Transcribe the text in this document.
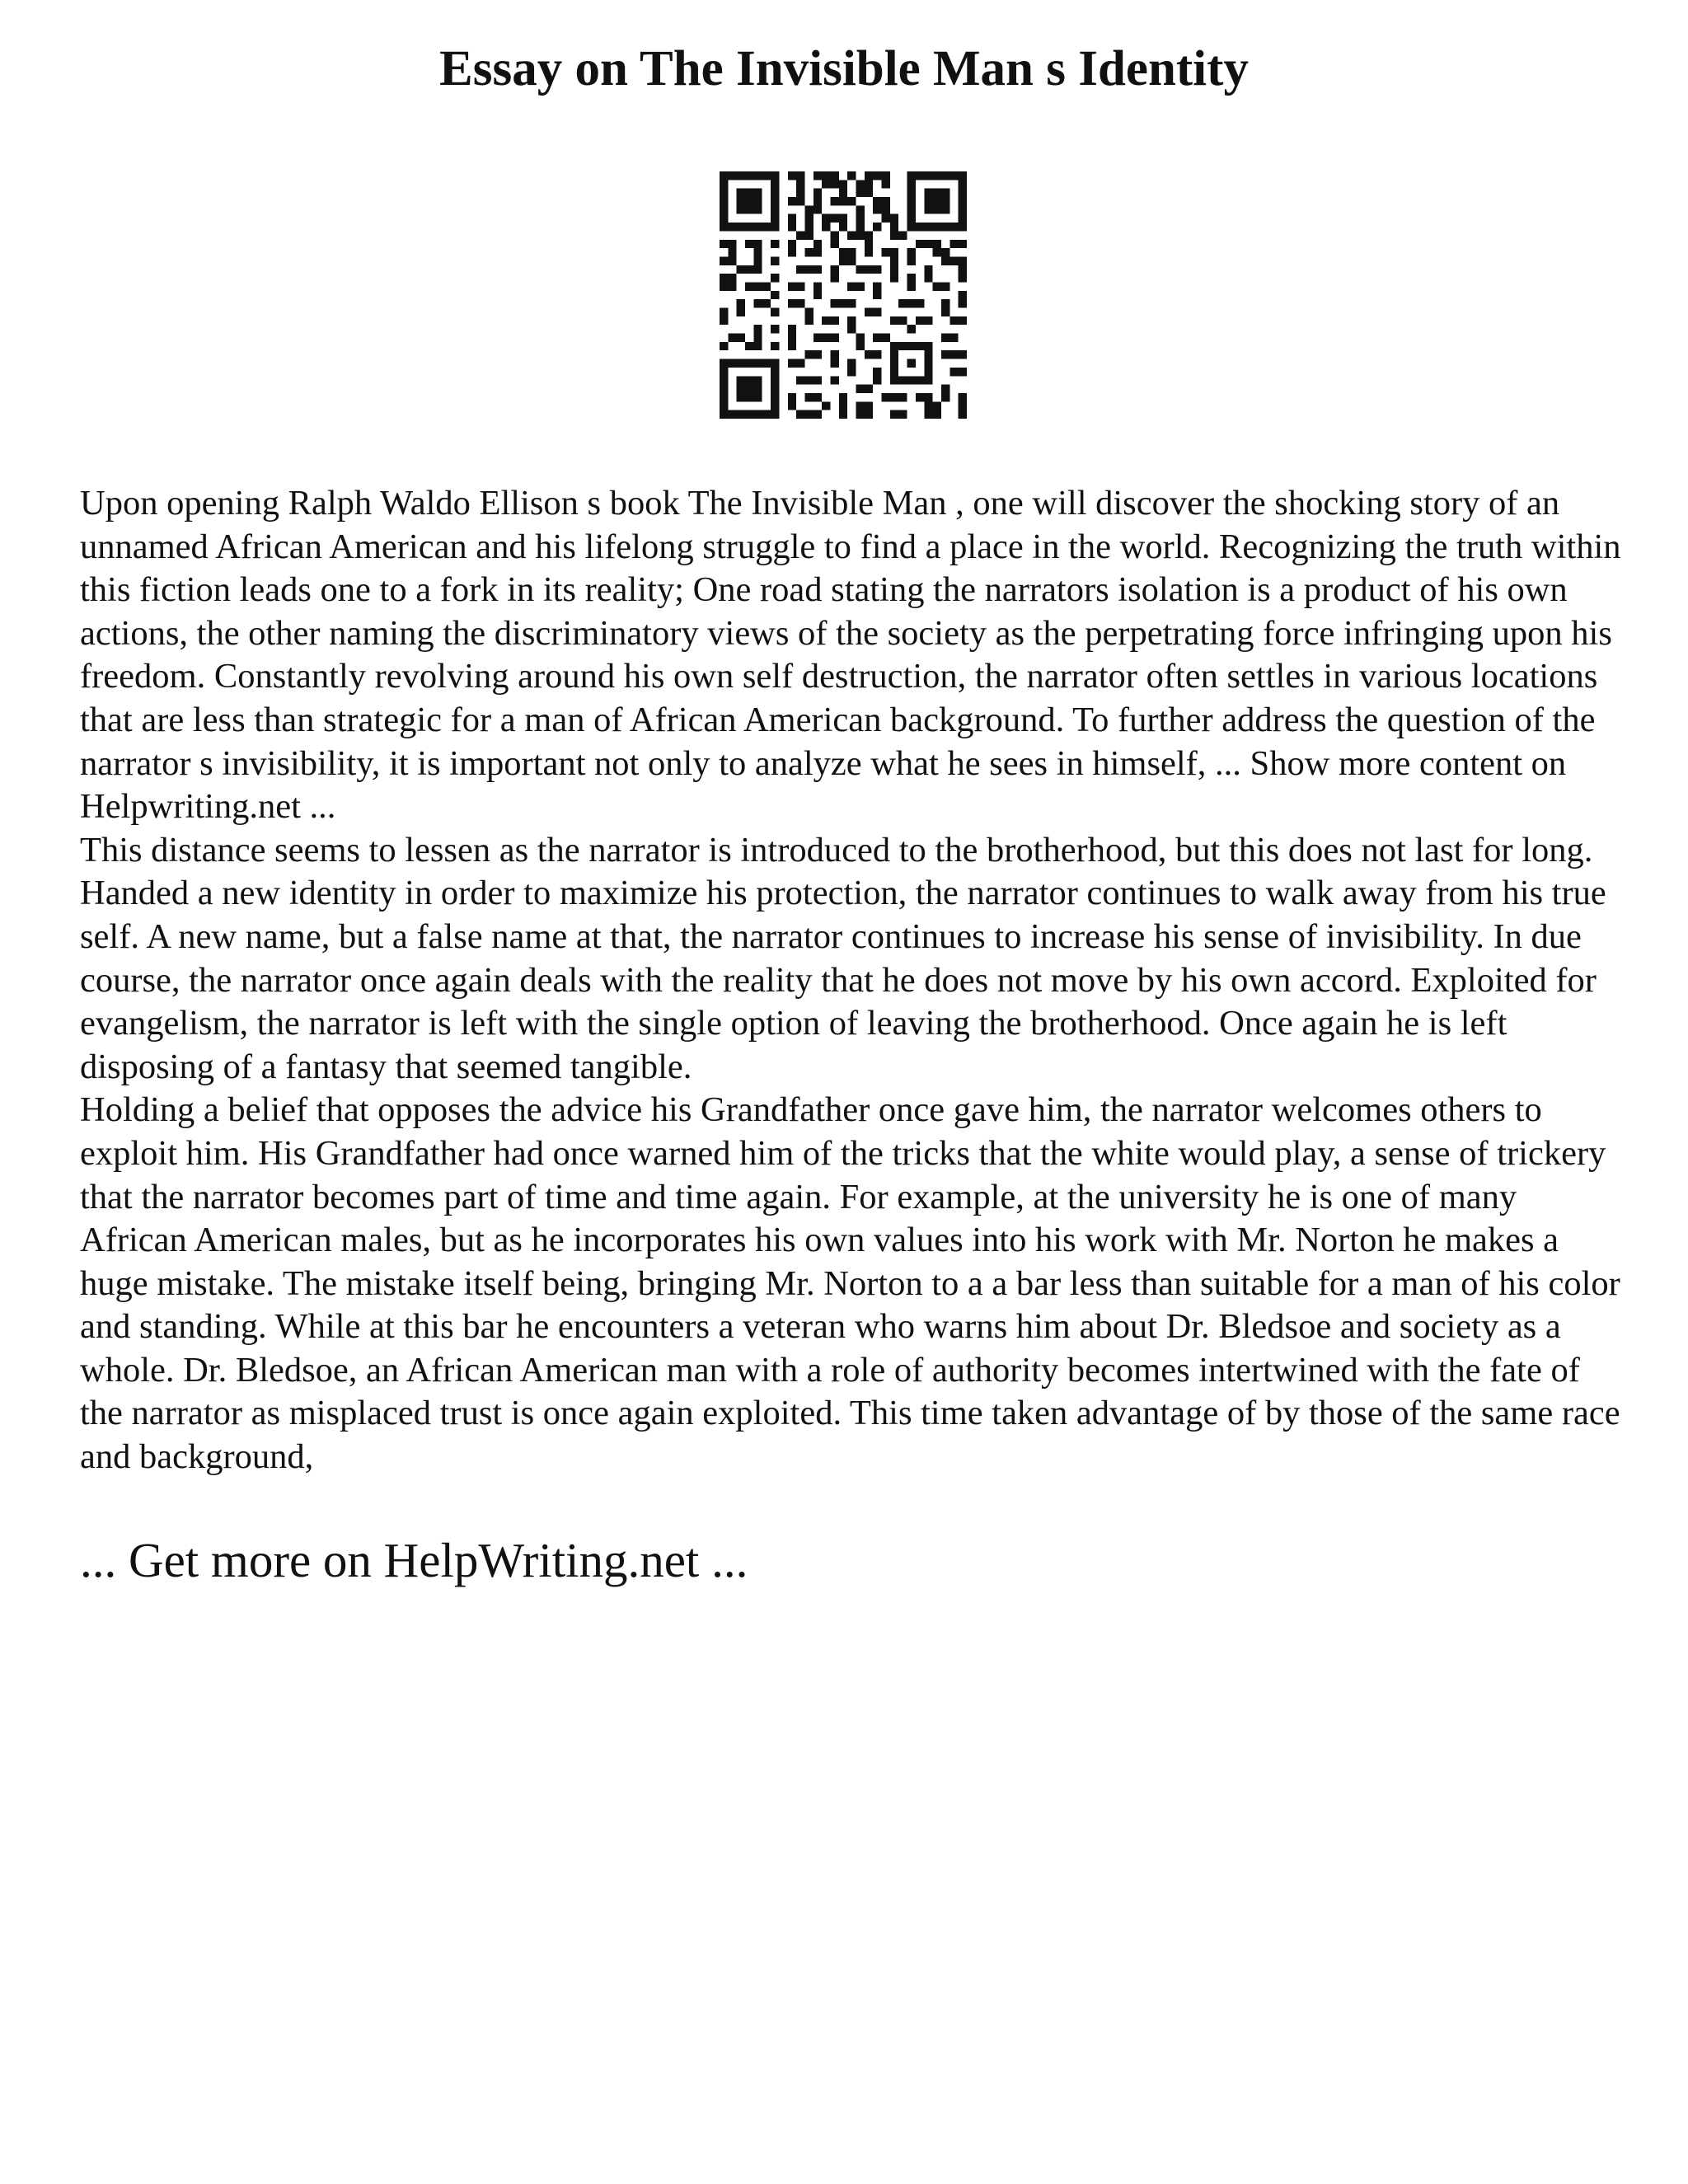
Essay on The Invisible Man s Identity

Upon opening Ralph Waldo Ellison s book The Invisible Man , one will discover the shocking story of an unnamed African American and his lifelong struggle to find a place in the world. Recognizing the truth within this fiction leads one to a fork in its reality; One road stating the narrators isolation is a product of his own actions, the other naming the discriminatory views of the society as the perpetrating force infringing upon his freedom. Constantly revolving around his own self destruction, the narrator often settles in various locations that are less than strategic for a man of African American background. To further address the question of the narrator s invisibility, it is important not only to analyze what he sees in himself, ... Show more content on Helpwriting.net ...

This distance seems to lessen as the narrator is introduced to the brotherhood, but this does not last for long. Handed a new identity in order to maximize his protection, the narrator continues to walk away from his true self. A new name, but a false name at that, the narrator continues to increase his sense of invisibility. In due course, the narrator once again deals with the reality that he does not move by his own accord. Exploited for evangelism, the narrator is left with the single option of leaving the brotherhood. Once again he is left disposing of a fantasy that seemed tangible.

Holding a belief that opposes the advice his Grandfather once gave him, the narrator welcomes others to exploit him. His Grandfather had once warned him of the tricks that the white would play, a sense of trickery that the narrator becomes part of time and time again. For example, at the university he is one of many African American males, but as he incorporates his own values into his work with Mr. Norton he makes a huge mistake. The mistake itself being, bringing Mr. Norton to a a bar less than suitable for a man of his color and standing. While at this bar he encounters a veteran who warns him about Dr. Bledsoe and society as a whole. Dr. Bledsoe, an African American man with a role of authority becomes intertwined with the fate of the narrator as misplaced trust is once again exploited. This time taken advantage of by those of the same race and background,

... Get more on HelpWriting.net ...
